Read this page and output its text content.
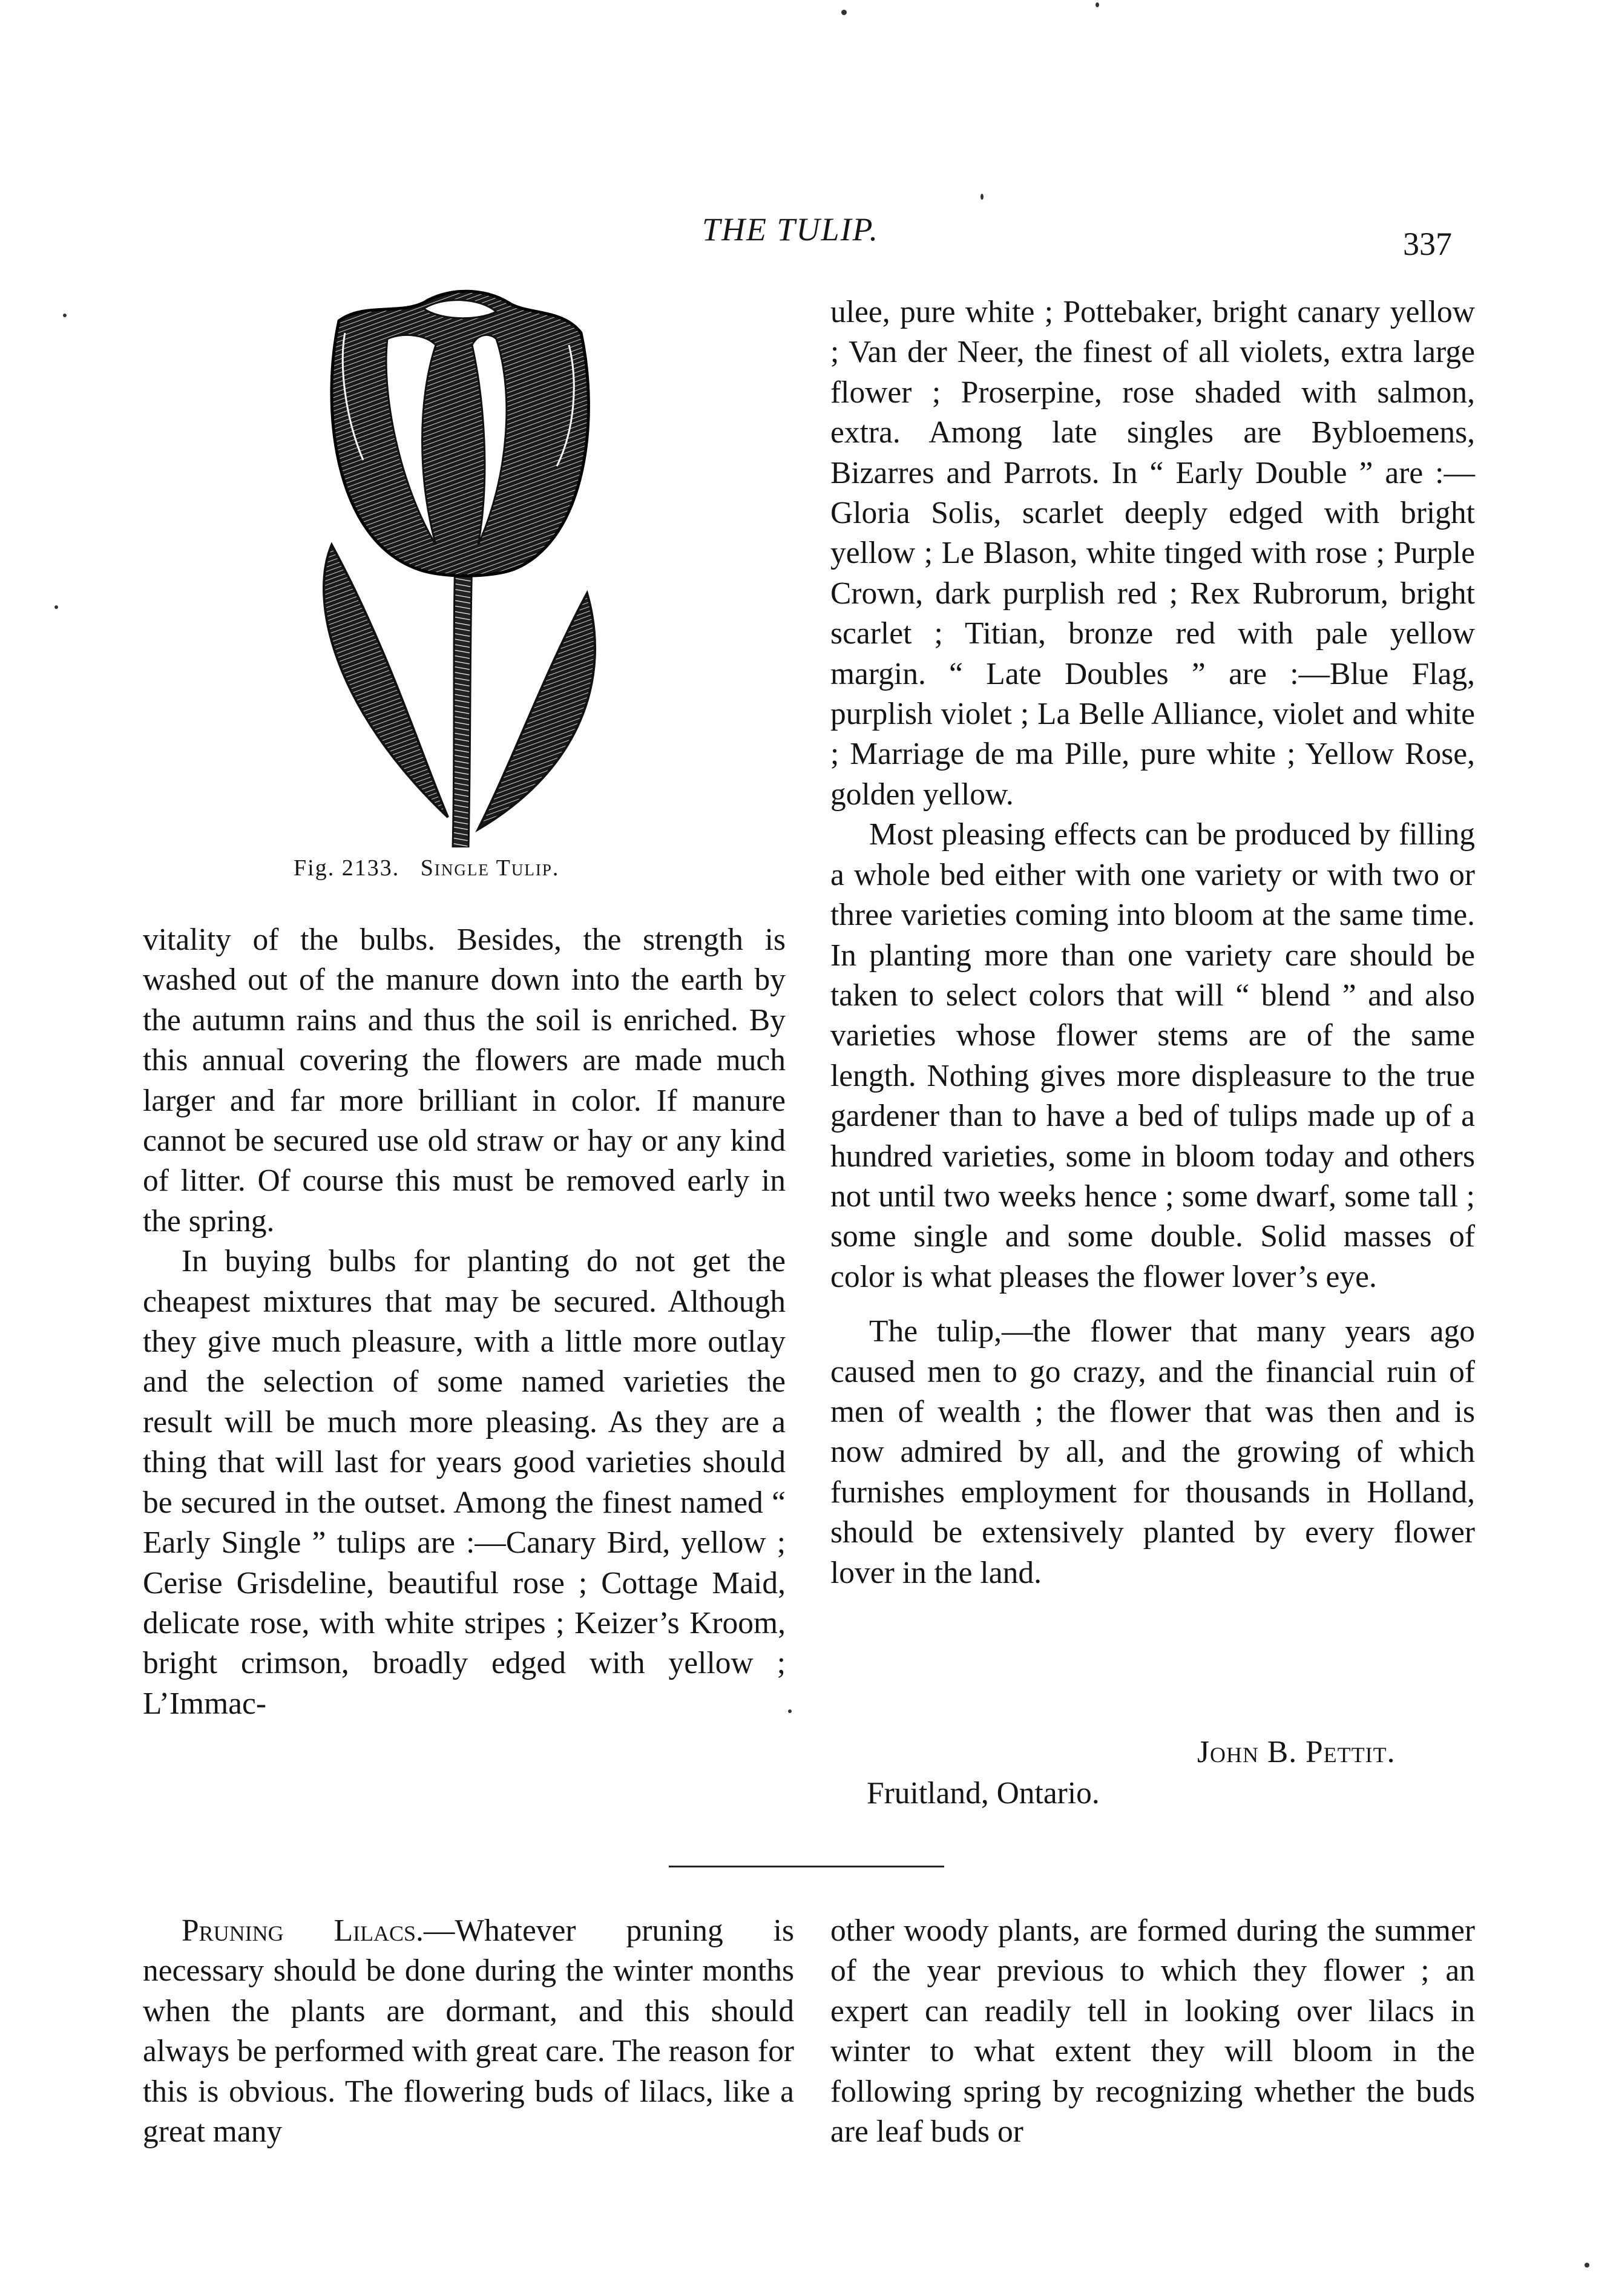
THE TULIP.	337
Fig. 2133. Single Tulip.

vitality of the bulbs. Besides, the strength is washed out of the manure down into the earth by the autumn rains and thus the soil is enriched. By this annual covering the flowers are made much larger and far more brilliant in color. If manure cannot be secured use old straw or hay or any kind of litter. Of course this must be removed early in the spring.

In buying bulbs for planting do not get the cheapest mixtures that may be secured. Although they give much pleasure, with a little more outlay and the selection of some named varieties the result will be much more pleasing. As they are a thing that will last for years good varieties should be secured in the outset. Among the finest named “ Early Single ” tulips are :—Canary Bird, yellow ; Cerise Grisdeline, beautiful rose ; Cottage Maid, delicate rose, with white stripes ; Keizer’s Kroom, bright crimson, broadly edged with yellow ; L’Immac-

ulee, pure white ; Pottebaker, bright canary yellow ; Van der Neer, the finest of all violets, extra large flower ; Proserpine, rose shaded with salmon, extra. Among late singles are Bybloemens, Bizarres and Parrots. In “ Early Double ” are :—Gloria Solis, scarlet deeply edged with bright yellow ; Le Blason, white tinged with rose ; Purple Crown, dark purplish red ; Rex Rubrorum, bright scarlet ; Titian, bronze red with pale yellow margin. “ Late Doubles ” are :—Blue Flag, purplish violet ; La Belle Alliance, violet and white ; Marriage de ma Pille, pure white ; Yellow Rose, golden yellow.

Most pleasing effects can be produced by filling a whole bed either with one variety or with two or three varieties coming into bloom at the same time. In planting more than one variety care should be taken to select colors that will “ blend ” and also varieties whose flower stems are of the same length. Nothing gives more displeasure to the true gardener than to have a bed of tulips made up of a hundred varieties, some in bloom today and others not until two weeks hence ; some dwarf, some tall ; some single and some double. Solid masses of color is what pleases the flower lover’s eye.

The tulip,—the flower that many years ago caused men to go crazy, and the financial ruin of men of wealth ; the flower that was then and is now admired by all, and the growing of which furnishes employment for thousands in Holland, should be extensively planted by every flower lover in the land.

John B. Pettit.
Fruitland, Ontario.

Pruning Lilacs.—Whatever pruning is necessary should be done during the winter months when the plants are dormant, and this should always be performed with great care. The reason for this is obvious. The flowering buds of lilacs, like a great many

other woody plants, are formed during the summer of the year previous to which they flower ; an expert can readily tell in looking over lilacs in winter to what extent they will bloom in the following spring by recognizing whether the buds are leaf buds or
